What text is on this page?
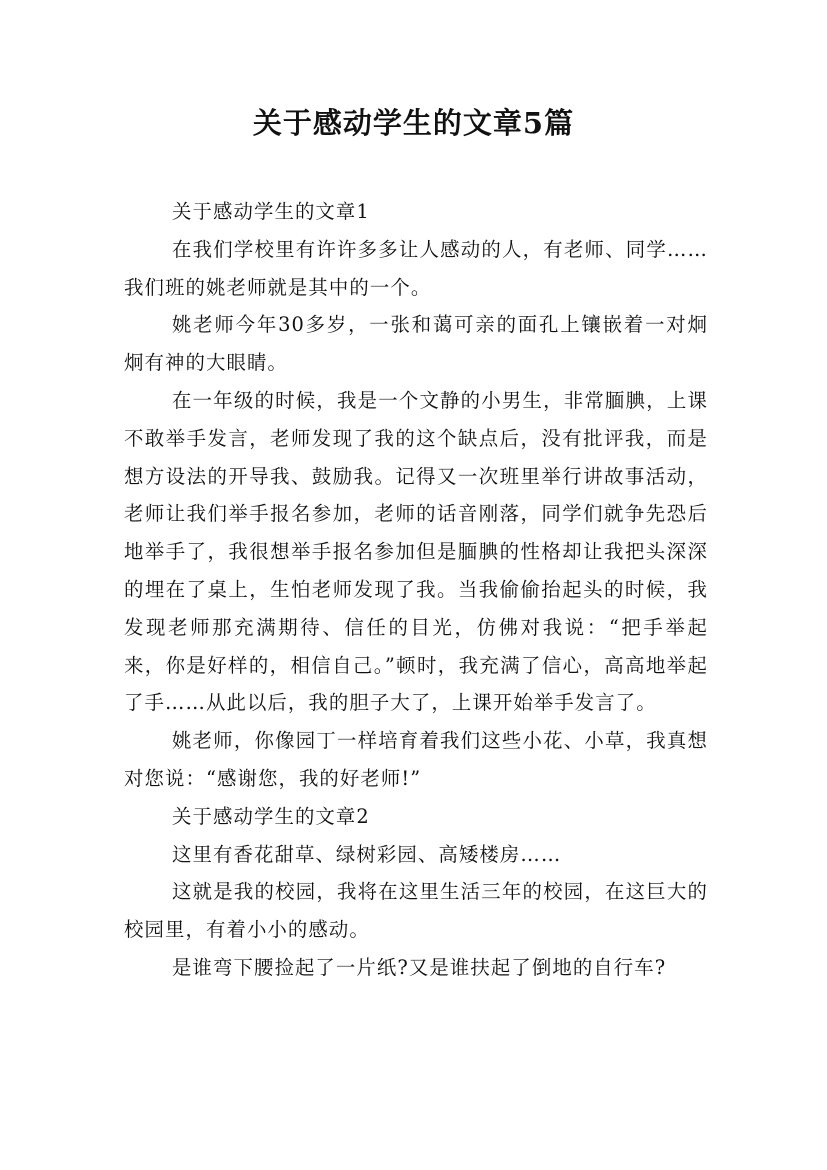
关于感动学生的文章5篇

关于感动学生的文章1

在我们学校里有许许多多让人感动的人，有老师、同学……我们班的姚老师就是其中的一个。

姚老师今年30多岁，一张和蔼可亲的面孔上镶嵌着一对炯炯有神的大眼睛。

在一年级的时候，我是一个文静的小男生，非常腼腆，上课不敢举手发言，老师发现了我的这个缺点后，没有批评我，而是想方设法的开导我、鼓励我。记得又一次班里举行讲故事活动，老师让我们举手报名参加，老师的话音刚落，同学们就争先恐后地举手了，我很想举手报名参加但是腼腆的性格却让我把头深深的埋在了桌上，生怕老师发现了我。当我偷偷抬起头的时候，我发现老师那充满期待、信任的目光，仿佛对我说：“把手举起来，你是好样的，相信自己。”顿时，我充满了信心，高高地举起了手……从此以后，我的胆子大了，上课开始举手发言了。

姚老师，你像园丁一样培育着我们这些小花、小草，我真想对您说：“感谢您，我的好老师!”

关于感动学生的文章2

这里有香花甜草、绿树彩园、高矮楼房……

这就是我的校园，我将在这里生活三年的校园，在这巨大的校园里，有着小小的感动。

是谁弯下腰捡起了一片纸?又是谁扶起了倒地的自行车?
